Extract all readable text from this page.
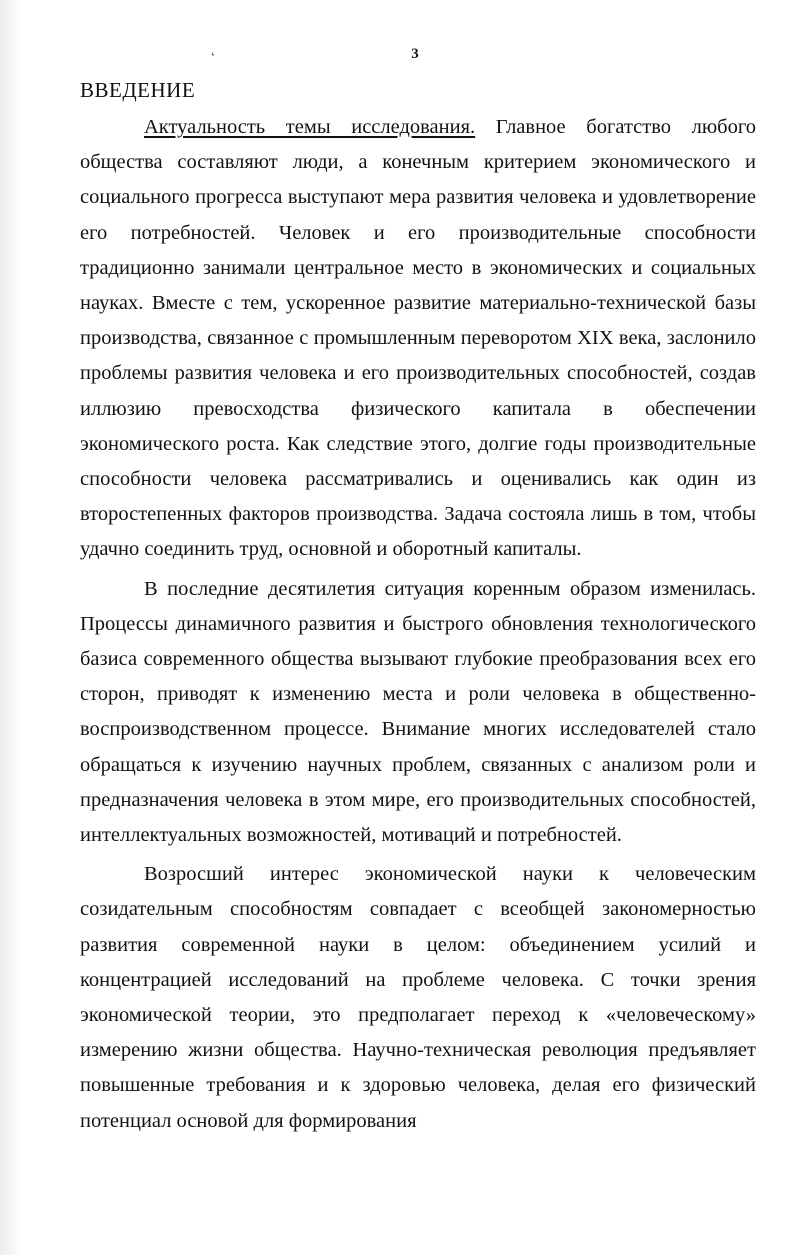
ʻ	3
ВВЕДЕНИЕ

Актуальность темы исследования. Главное богатство любого общества составляют люди, а конечным критерием экономического и социального прогресса выступают мера развития человека и удовлетворение его потребностей. Человек и его производительные способности традиционно занимали центральное место в экономических и социальных науках. Вместе с тем, ускоренное развитие материально-технической базы производства, связанное с промышленным переворотом XIX века, заслонило проблемы развития человека и его производительных способностей, создав иллюзию превосходства физического капитала в обеспечении экономического роста. Как следствие этого, долгие годы производительные способности человека рассматривались и оценивались как один из второстепенных факторов производства. Задача состояла лишь в том, чтобы удачно соединить труд, основной и оборотный капиталы.

В последние десятилетия ситуация коренным образом изменилась. Процессы динамичного развития и быстрого обновления технологического базиса современного общества вызывают глубокие преобразования всех его сторон, приводят к изменению места и роли человека в общественно-воспроизводственном процессе. Внимание многих исследователей стало обращаться к изучению научных проблем, связанных с анализом роли и предназначения человека в этом мире, его производительных способностей, интеллектуальных возможностей, мотиваций и потребностей.

Возросший интерес экономической науки к человеческим созидательным способностям совпадает с всеобщей закономерностью развития современной науки в целом: объединением усилий и концентрацией исследований на проблеме человека. С точки зрения экономической теории, это предполагает переход к «человеческому» измерению жизни общества. Научно-техническая революция предъявляет повышенные требования и к здоровью человека, делая его физический потенциал основой для формирования
